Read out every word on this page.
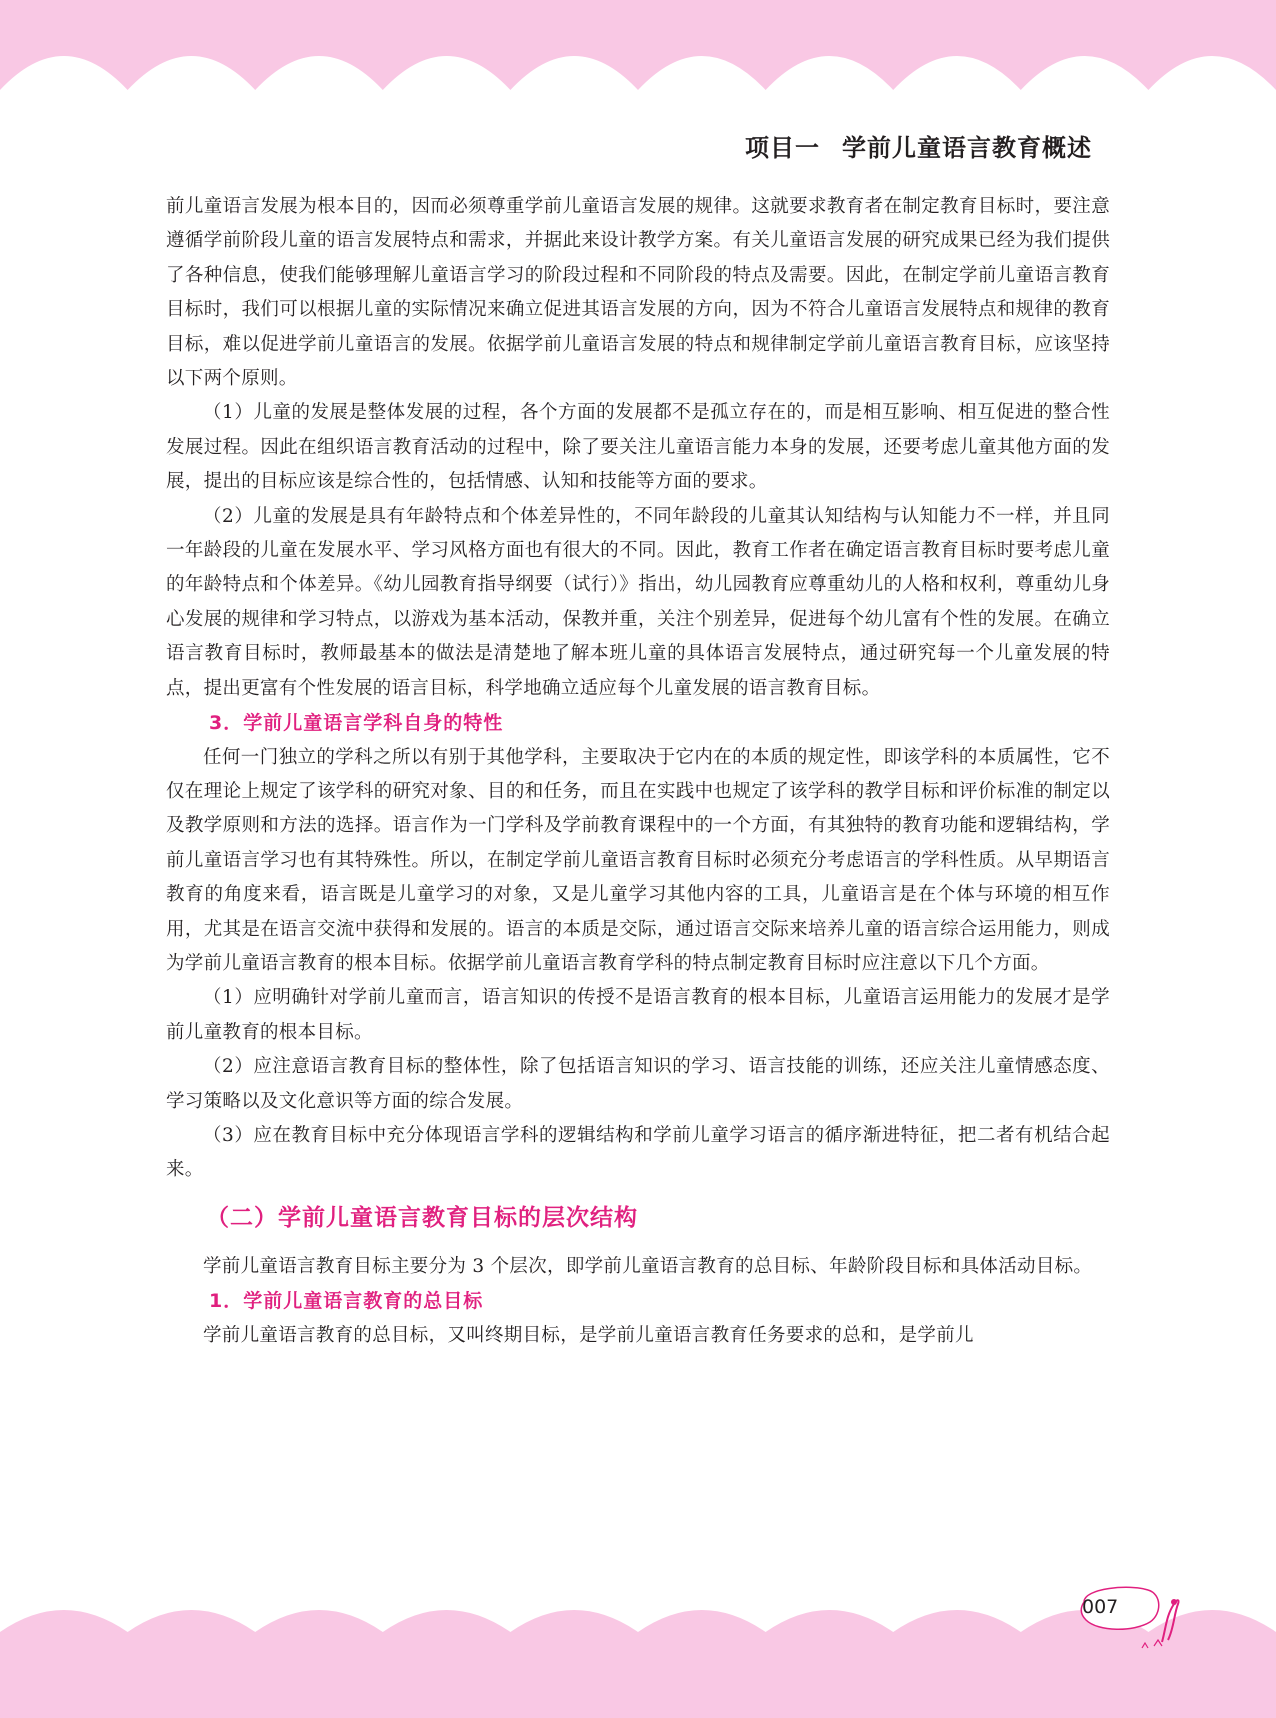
项目一 学前儿童语言教育概述

前儿童语言发展为根本目的，因而必须尊重学前儿童语言发展的规律。这就要求教育者在制定教育目标时，要注意遵循学前阶段儿童的语言发展特点和需求，并据此来设计教学方案。有关儿童语言发展的研究成果已经为我们提供了各种信息，使我们能够理解儿童语言学习的阶段过程和不同阶段的特点及需要。因此，在制定学前儿童语言教育目标时，我们可以根据儿童的实际情况来确立促进其语言发展的方向，因为不符合儿童语言发展特点和规律的教育目标，难以促进学前儿童语言的发展。依据学前儿童语言发展的特点和规律制定学前儿童语言教育目标，应该坚持以下两个原则。

（1）儿童的发展是整体发展的过程，各个方面的发展都不是孤立存在的，而是相互影响、相互促进的整合性发展过程。因此在组织语言教育活动的过程中，除了要关注儿童语言能力本身的发展，还要考虑儿童其他方面的发展，提出的目标应该是综合性的，包括情感、认知和技能等方面的要求。

（2）儿童的发展是具有年龄特点和个体差异性的，不同年龄段的儿童其认知结构与认知能力不一样，并且同一年龄段的儿童在发展水平、学习风格方面也有很大的不同。因此，教育工作者在确定语言教育目标时要考虑儿童的年龄特点和个体差异。《幼儿园教育指导纲要（试行）》指出，幼儿园教育应尊重幼儿的人格和权利，尊重幼儿身心发展的规律和学习特点，以游戏为基本活动，保教并重，关注个别差异，促进每个幼儿富有个性的发展。在确立语言教育目标时，教师最基本的做法是清楚地了解本班儿童的具体语言发展特点，通过研究每一个儿童发展的特点，提出更富有个性发展的语言目标，科学地确立适应每个儿童发展的语言教育目标。

3．学前儿童语言学科自身的特性

任何一门独立的学科之所以有别于其他学科，主要取决于它内在的本质的规定性，即该学科的本质属性，它不仅在理论上规定了该学科的研究对象、目的和任务，而且在实践中也规定了该学科的教学目标和评价标准的制定以及教学原则和方法的选择。语言作为一门学科及学前教育课程中的一个方面，有其独特的教育功能和逻辑结构，学前儿童语言学习也有其特殊性。所以，在制定学前儿童语言教育目标时必须充分考虑语言的学科性质。从早期语言教育的角度来看，语言既是儿童学习的对象，又是儿童学习其他内容的工具，儿童语言是在个体与环境的相互作用，尤其是在语言交流中获得和发展的。语言的本质是交际，通过语言交际来培养儿童的语言综合运用能力，则成为学前儿童语言教育的根本目标。依据学前儿童语言教育学科的特点制定教育目标时应注意以下几个方面。

（1）应明确针对学前儿童而言，语言知识的传授不是语言教育的根本目标，儿童语言运用能力的发展才是学前儿童教育的根本目标。

（2）应注意语言教育目标的整体性，除了包括语言知识的学习、语言技能的训练，还应关注儿童情感态度、学习策略以及文化意识等方面的综合发展。

（3）应在教育目标中充分体现语言学科的逻辑结构和学前儿童学习语言的循序渐进特征，把二者有机结合起来。

（二）学前儿童语言教育目标的层次结构

学前儿童语言教育目标主要分为 3 个层次，即学前儿童语言教育的总目标、年龄阶段目标和具体活动目标。

1．学前儿童语言教育的总目标

学前儿童语言教育的总目标，又叫终期目标，是学前儿童语言教育任务要求的总和，是学前儿

007
